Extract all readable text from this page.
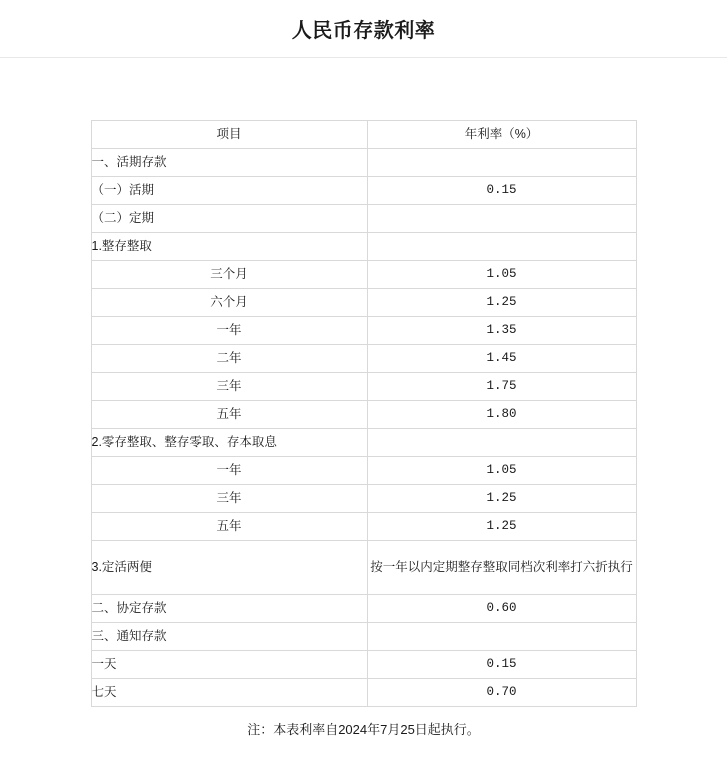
人民币存款利率
项目	年利率（%）
一、活期存款	
（一）活期	0.15
（二）定期	
1.整存整取	
三个月	1.05
六个月	1.25
一年	1.35
二年	1.45
三年	1.75
五年	1.80
2.零存整取、整存零取、存本取息	
一年	1.05
三年	1.25
五年	1.25
3.定活两便	按一年以内定期整存整取同档次利率打六折执行
二、协定存款	0.60
三、通知存款	
一天	0.15
七天	0.70
注：本表利率自2024年7月25日起执行。
